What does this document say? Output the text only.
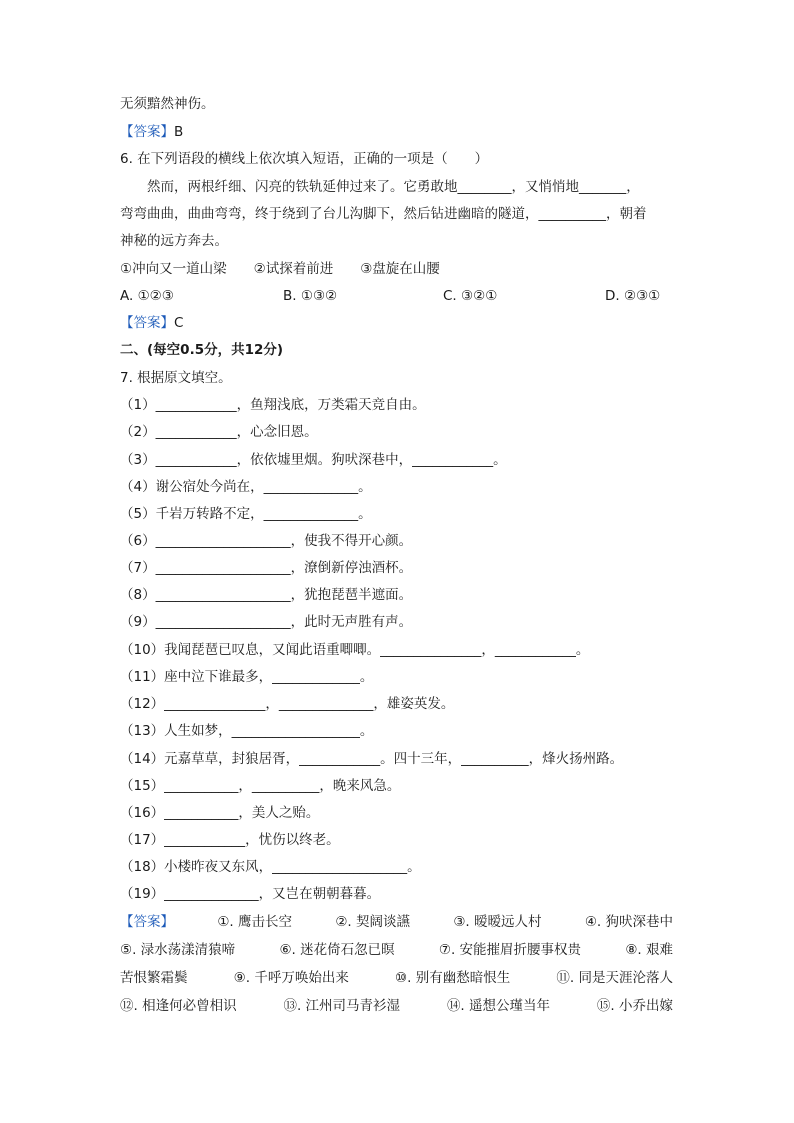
无须黯然神伤。
【答案】B
6. 在下列语段的横线上依次填入短语，正确的一项是（　　）
然而，两根纤细、闪亮的铁轨延伸过来了。它勇敢地________，又悄悄地_______，
弯弯曲曲，曲曲弯弯，终于绕到了台儿沟脚下，然后钻进幽暗的隧道，__________，朝着
神秘的远方奔去。
①冲向又一道山梁　　②试探着前进　　③盘旋在山腰
A. ①②③	B. ①③②	C. ③②①	D. ②③①
【答案】C
二、(每空0.5分，共12分)
7. 根据原文填空。
（1）____________，鱼翔浅底，万类霜天竞自由。
（2）____________，心念旧恩。
（3）____________，依依墟里烟。狗吠深巷中，____________。
（4）谢公宿处今尚在，______________。
（5）千岩万转路不定，______________。
（6）____________________，使我不得开心颜。
（7）____________________，潦倒新停浊酒杯。
（8）____________________，犹抱琵琶半遮面。
（9）____________________，此时无声胜有声。
（10）我闻琵琶已叹息，又闻此语重唧唧。_______________，____________。
（11）座中泣下谁最多，_____________。
（12）_______________，______________，雄姿英发。
（13）人生如梦，___________________。
（14）元嘉草草，封狼居胥，____________。四十三年，__________，烽火扬州路。
（15）___________，__________，晚来风急。
（16）___________，美人之贻。
（17）____________，忧伤以终老。
（18）小楼昨夜又东风，____________________。
（19）______________，又岂在朝朝暮暮。
【答案】	①. 鹰击长空	②. 契阔谈讌	③. 暧暧远人村	④. 狗吠深巷中
⑤. 渌水荡漾清猿啼	⑥. 迷花倚石忽已暝	⑦. 安能摧眉折腰事权贵	⑧. 艰难
苦恨繁霜鬓	⑨. 千呼万唤始出来	⑩. 别有幽愁暗恨生	⑪. 同是天涯沦落人
⑫. 相逢何必曾相识	⑬. 江州司马青衫湿	⑭. 遥想公瑾当年	⑮. 小乔出嫁
